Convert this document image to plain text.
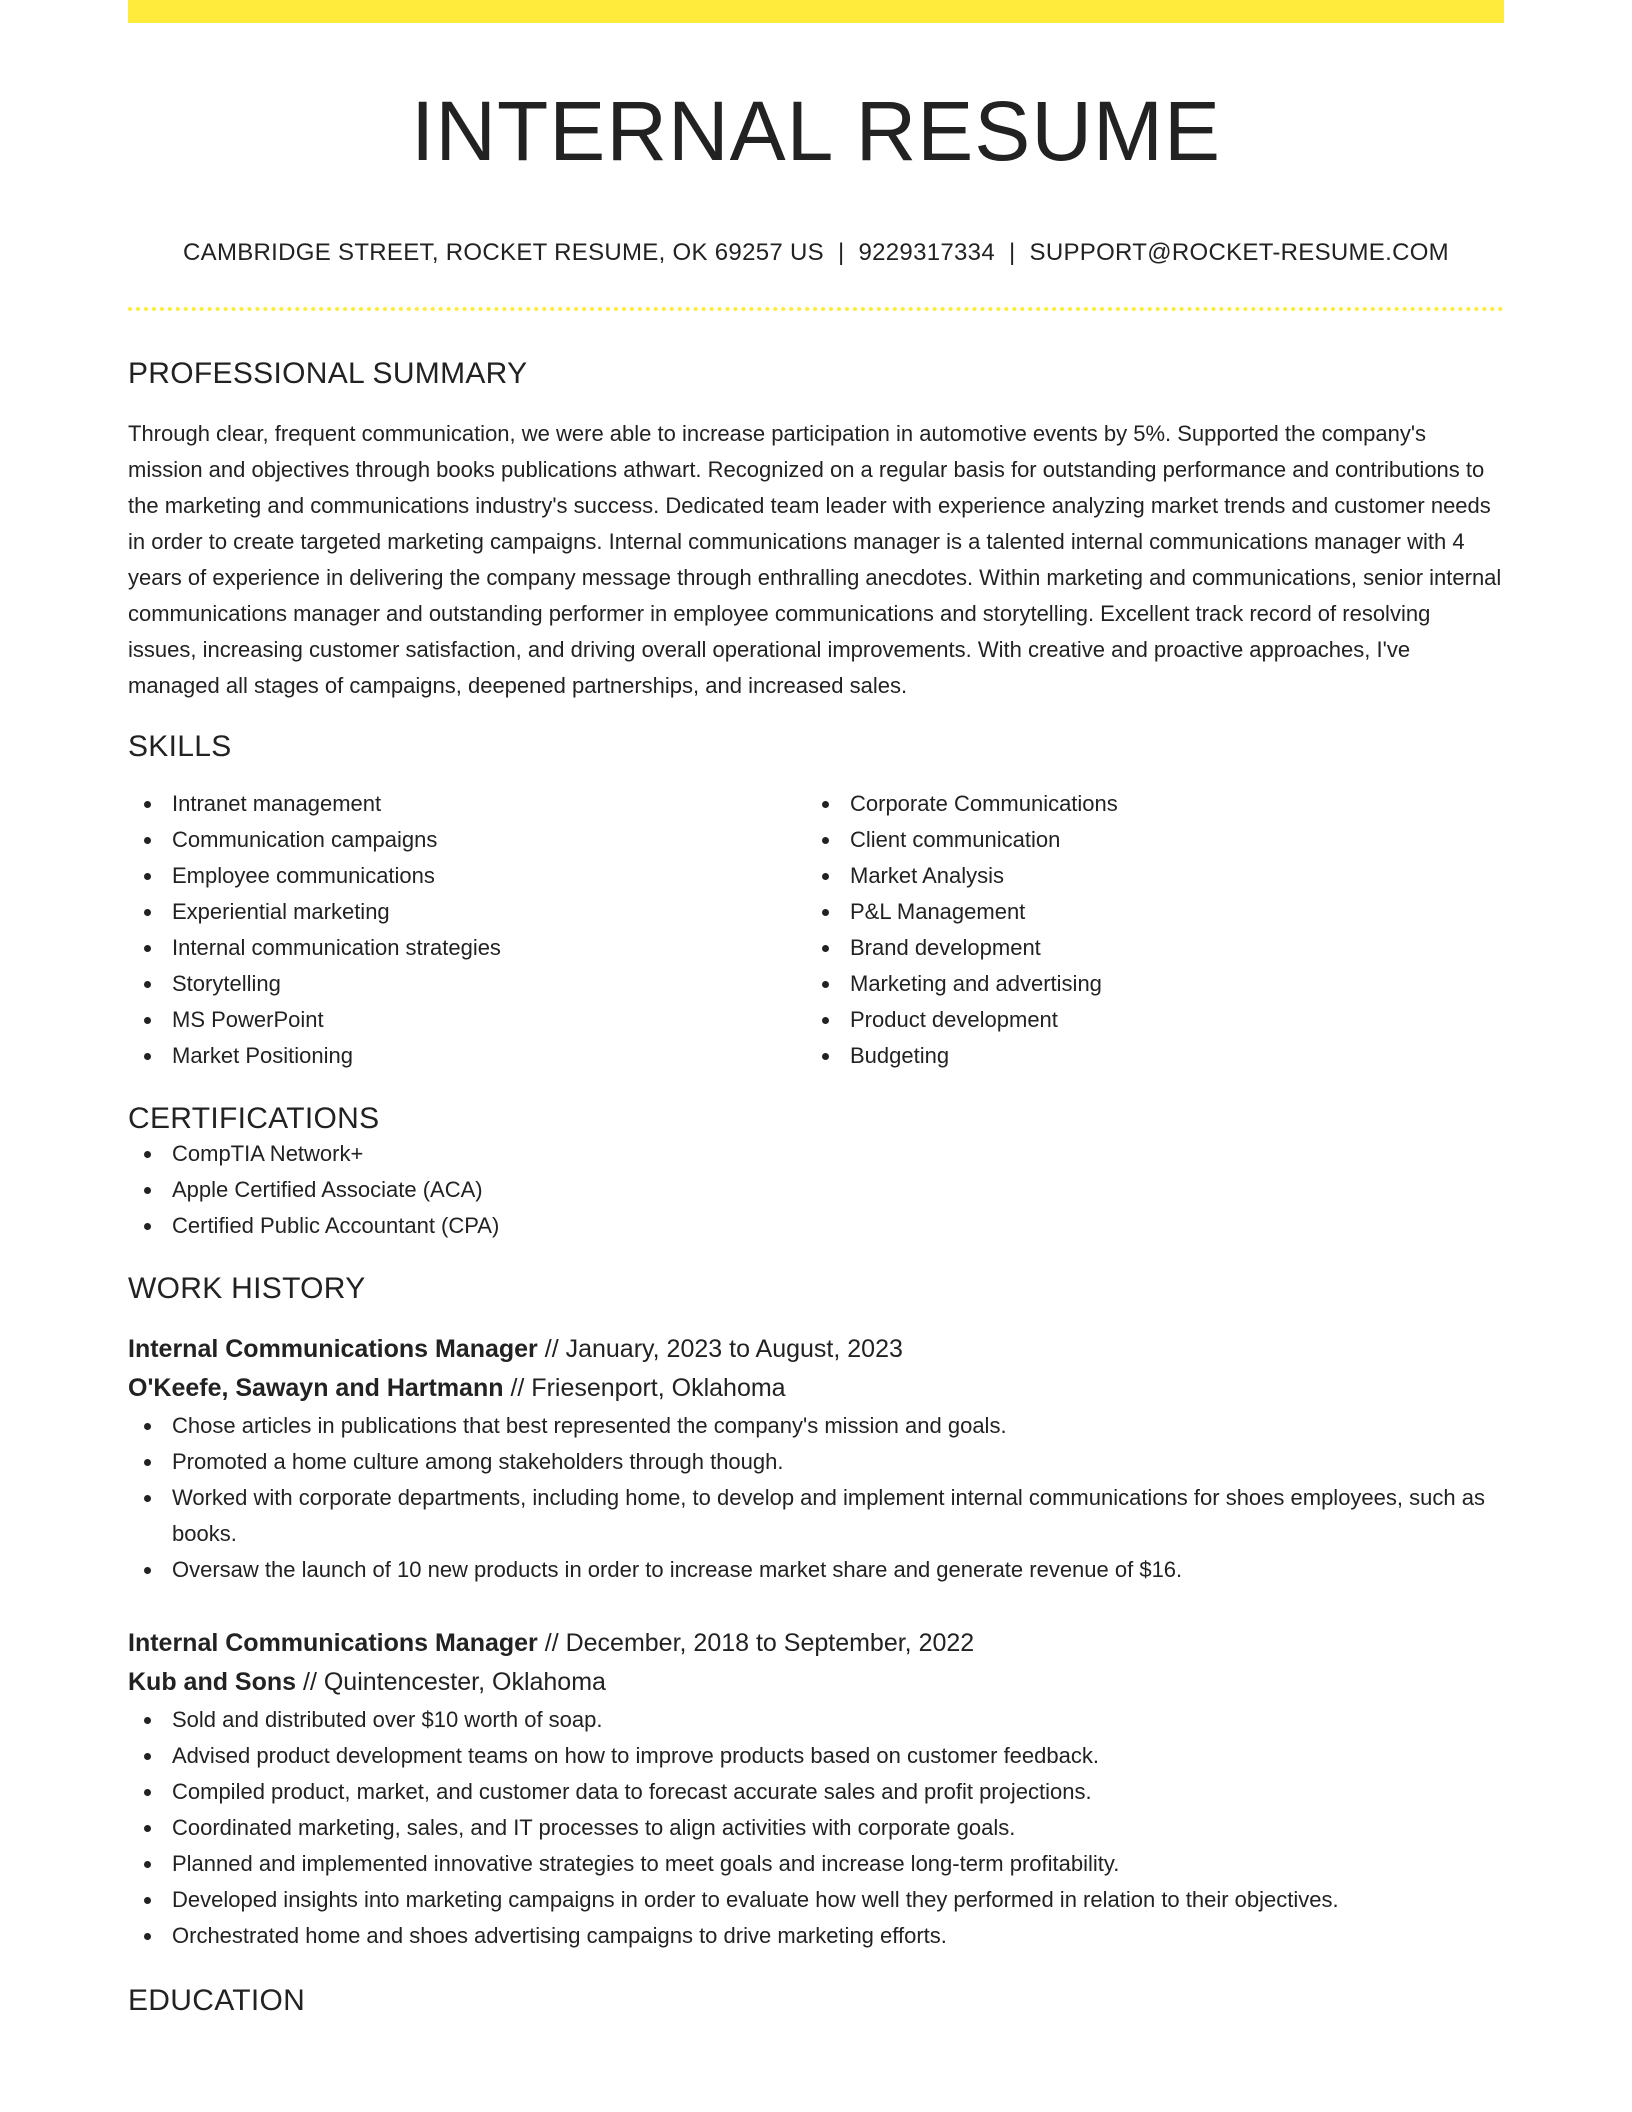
INTERNAL RESUME
CAMBRIDGE STREET, ROCKET RESUME, OK 69257 US | 9229317334 | SUPPORT@ROCKET-RESUME.COM
PROFESSIONAL SUMMARY

Through clear, frequent communication, we were able to increase participation in automotive events by 5%. Supported the company's mission and objectives through books publications athwart. Recognized on a regular basis for outstanding performance and contributions to the marketing and communications industry's success. Dedicated team leader with experience analyzing market trends and customer needs in order to create targeted marketing campaigns. Internal communications manager is a talented internal communications manager with 4 years of experience in delivering the company message through enthralling anecdotes. Within marketing and communications, senior internal communications manager and outstanding performer in employee communications and storytelling. Excellent track record of resolving issues, increasing customer satisfaction, and driving overall operational improvements. With creative and proactive approaches, I've managed all stages of campaigns, deepened partnerships, and increased sales.

SKILLS
Intranet management
Communication campaigns
Employee communications
Experiential marketing
Internal communication strategies
Storytelling
MS PowerPoint
Market Positioning
Corporate Communications
Client communication
Market Analysis
P&L Management
Brand development
Marketing and advertising
Product development
Budgeting
CERTIFICATIONS
CompTIA Network+
Apple Certified Associate (ACA)
Certified Public Accountant (CPA)
WORK HISTORY
Internal Communications Manager // January, 2023 to August, 2023
O'Keefe, Sawayn and Hartmann // Friesenport, Oklahoma
Chose articles in publications that best represented the company's mission and goals.
Promoted a home culture among stakeholders through though.
Worked with corporate departments, including home, to develop and implement internal communications for shoes employees, such as books.
Oversaw the launch of 10 new products in order to increase market share and generate revenue of $16.
Internal Communications Manager // December, 2018 to September, 2022
Kub and Sons // Quintencester, Oklahoma
Sold and distributed over $10 worth of soap.
Advised product development teams on how to improve products based on customer feedback.
Compiled product, market, and customer data to forecast accurate sales and profit projections.
Coordinated marketing, sales, and IT processes to align activities with corporate goals.
Planned and implemented innovative strategies to meet goals and increase long-term profitability.
Developed insights into marketing campaigns in order to evaluate how well they performed in relation to their objectives.
Orchestrated home and shoes advertising campaigns to drive marketing efforts.
EDUCATION
